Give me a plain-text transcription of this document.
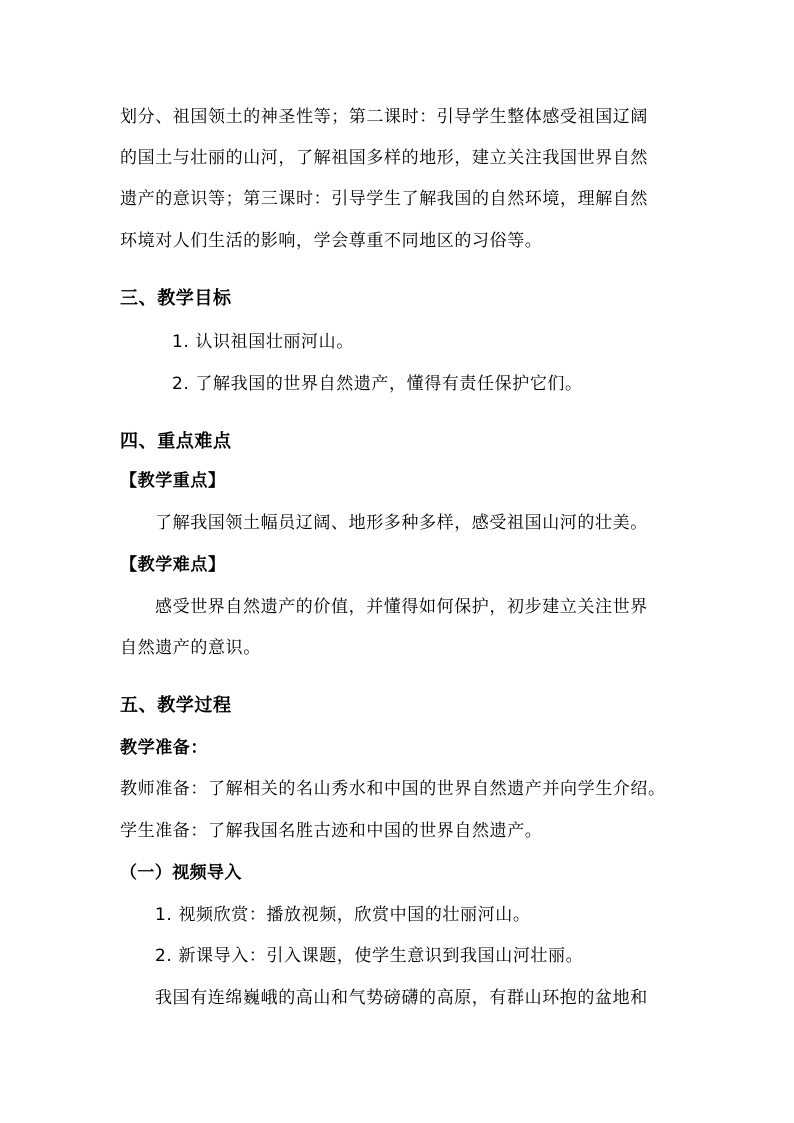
划分、祖国领土的神圣性等；第二课时：引导学生整体感受祖国辽阔
的国土与壮丽的山河，了解祖国多样的地形，建立关注我国世界自然
遗产的意识等；第三课时：引导学生了解我国的自然环境，理解自然
环境对人们生活的影响，学会尊重不同地区的习俗等。
三、教学目标
1. 认识祖国壮丽河山。
2. 了解我国的世界自然遗产，懂得有责任保护它们。
四、重点难点
【教学重点】
了解我国领土幅员辽阔、地形多种多样，感受祖国山河的壮美。
【教学难点】
感受世界自然遗产的价值，并懂得如何保护，初步建立关注世界
自然遗产的意识。
五、教学过程
教学准备：
教师准备：了解相关的名山秀水和中国的世界自然遗产并向学生介绍。
学生准备：了解我国名胜古迹和中国的世界自然遗产。
（一）视频导入
1. 视频欣赏：播放视频，欣赏中国的壮丽河山。
2. 新课导入：引入课题，使学生意识到我国山河壮丽。
我国有连绵巍峨的高山和气势磅礴的高原，有群山环抱的盆地和
